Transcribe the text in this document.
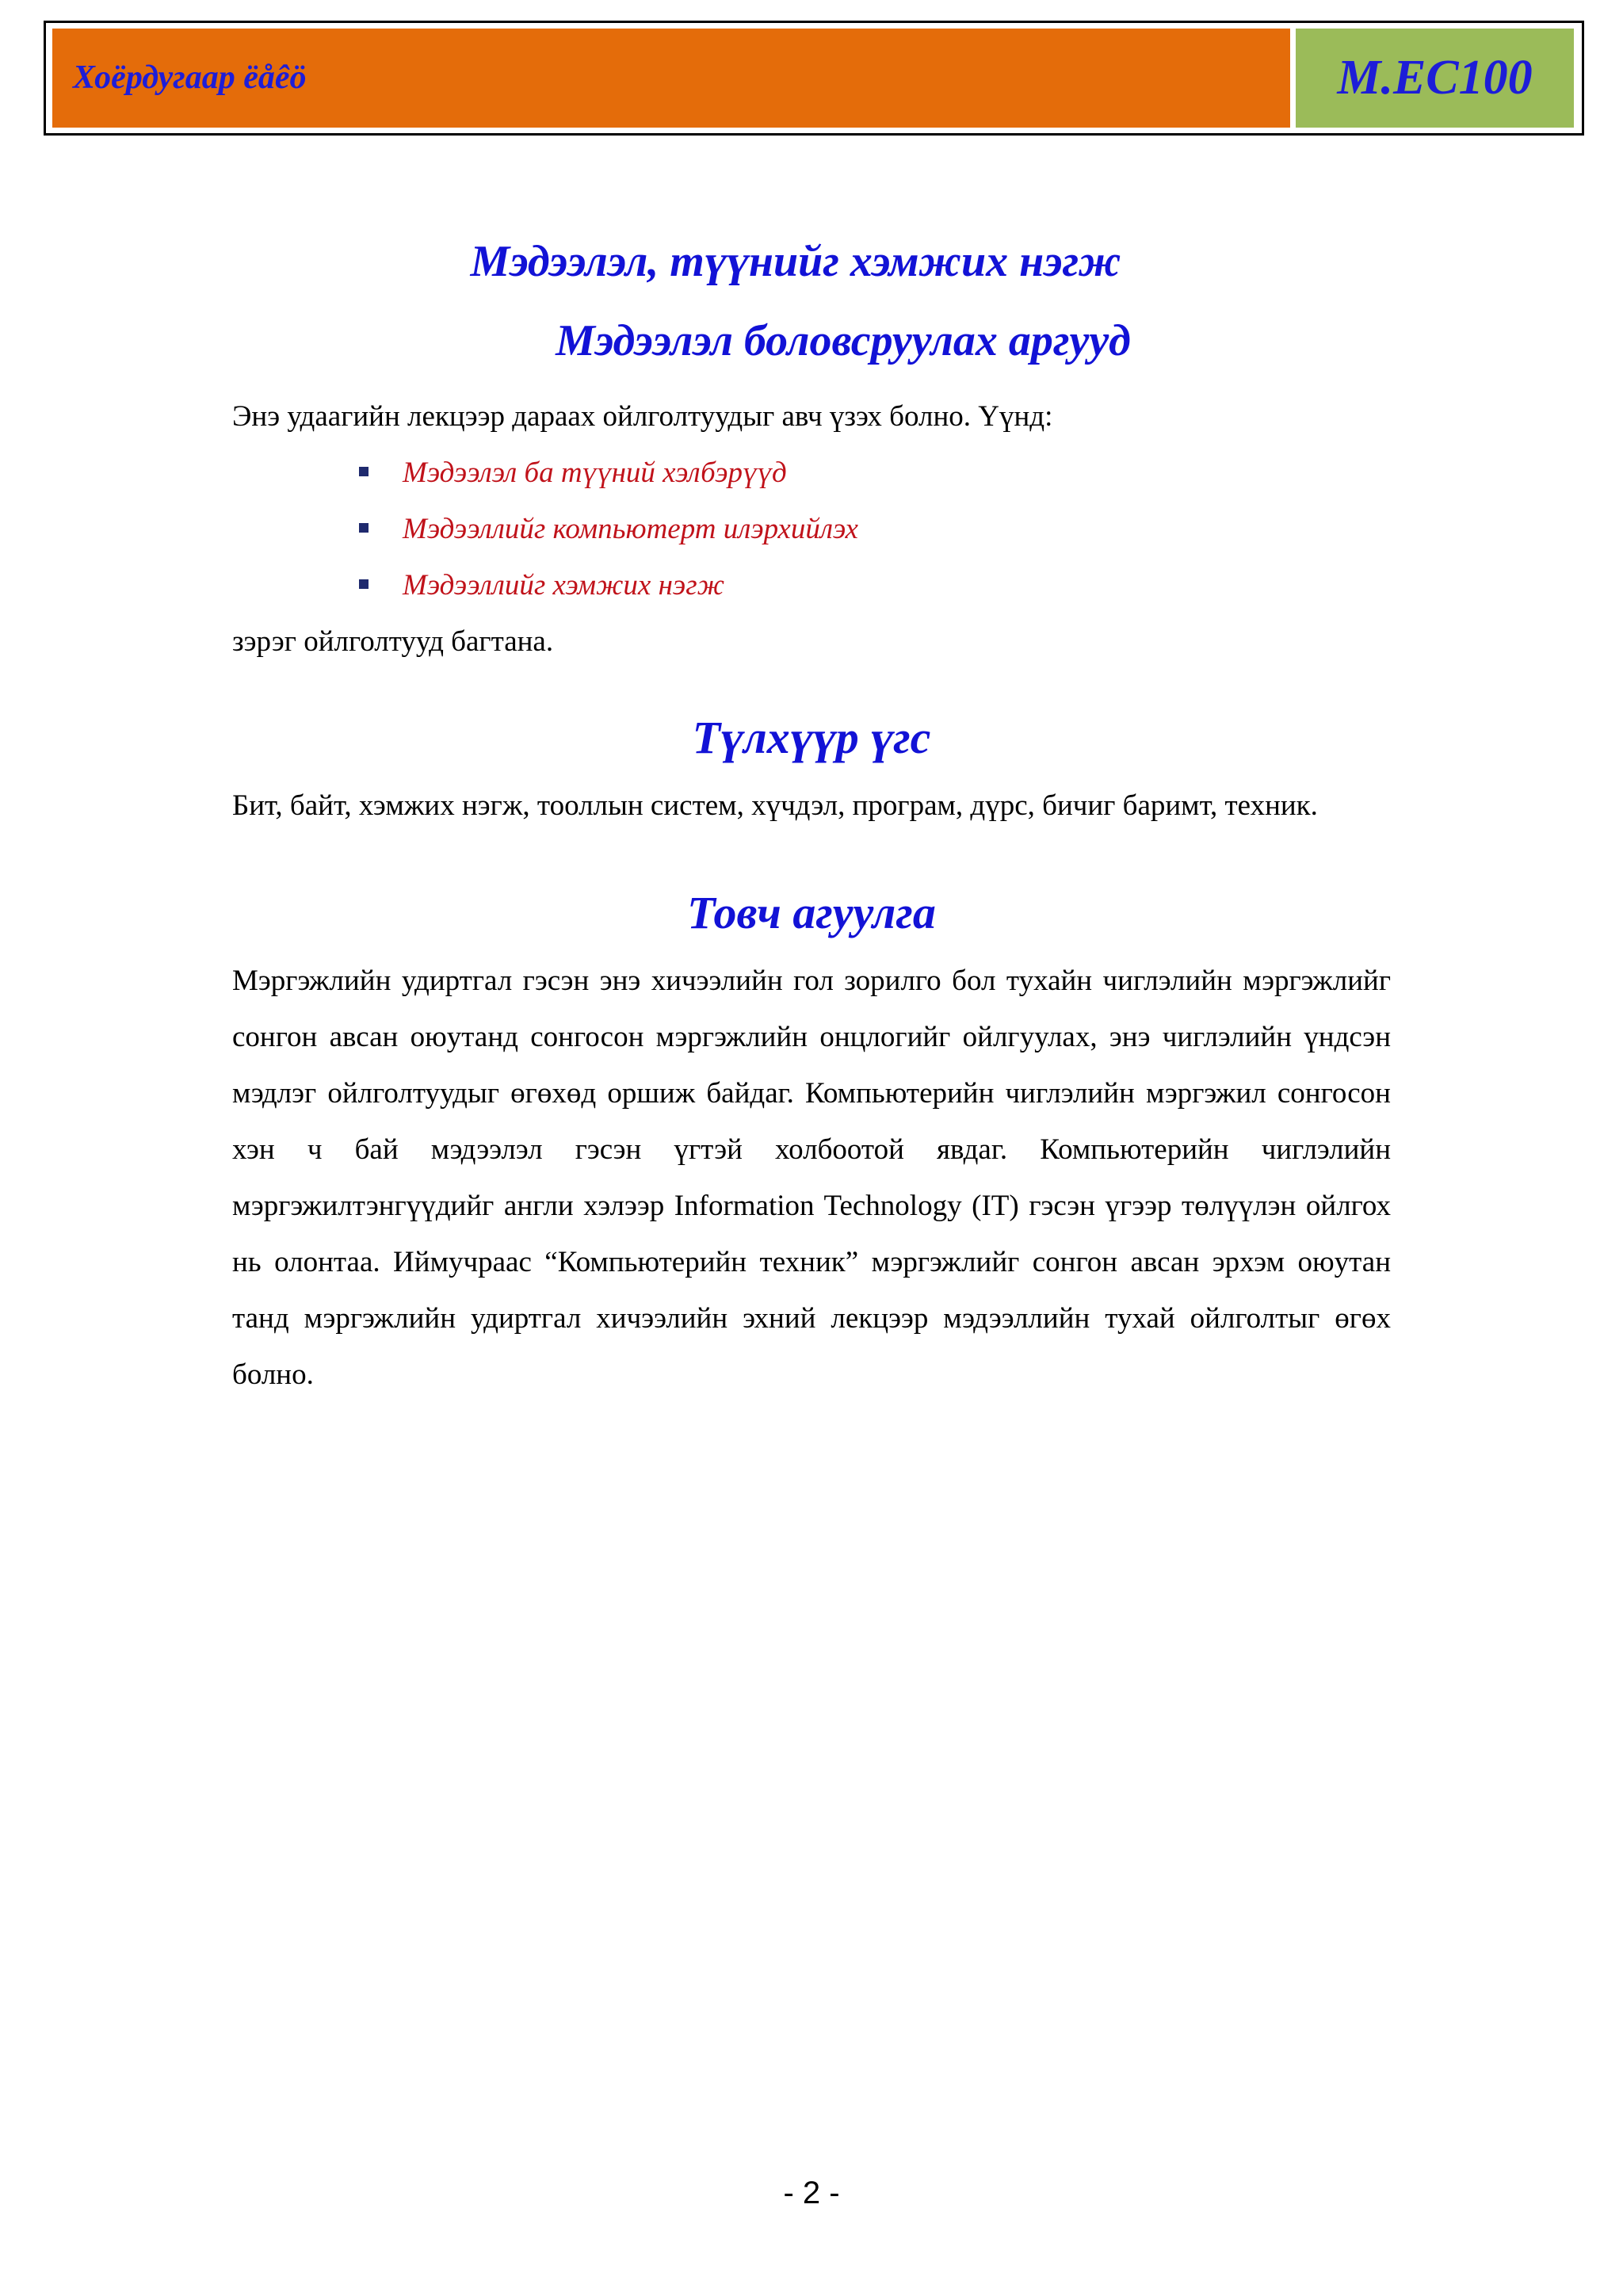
Хоёрдугаар ëåêö	M.EC100
Мэдээлэл, түүнийг хэмжих нэгж
Мэдээлэл боловсруулах аргууд

Энэ удаагийн лекцээр дараах ойлголтуудыг авч үзэх болно. Үүнд:

Мэдээлэл ба түүний хэлбэрүүд
Мэдээллийг компьютерт илэрхийлэх
Мэдээллийг хэмжих нэгж

зэрэг ойлголтууд багтана.

Түлхүүр үгс

Бит, байт, хэмжих нэгж, тооллын систем, хүчдэл, програм, дүрс, бичиг баримт, техник.

Товч агуулга

Мэргэжлийн удиртгал гэсэн энэ хичээлийн гол зорилго бол тухайн чиглэлийн мэргэжлийг сонгон авсан оюутанд сонгосон мэргэжлийн онцлогийг ойлгуулах, энэ чиглэлийн үндсэн мэдлэг ойлголтуудыг өгөхөд оршиж байдаг. Компьютерийн чиглэлийн мэргэжил сонгосон хэн ч бай мэдээлэл гэсэн үгтэй холбоотой явдаг. Компьютерийн чиглэлийн мэргэжилтэнгүүдийг англи хэлээр Information Technology (IT) гэсэн үгээр төлүүлэн ойлгох нь олонтаа. Иймучраас “Компьютерийн техник” мэргэжлийг сонгон авсан эрхэм оюутан танд мэргэжлийн удиртгал хичээлийн эхний лекцээр мэдээллийн тухай ойлголтыг өгөх болно.

- 2 -
